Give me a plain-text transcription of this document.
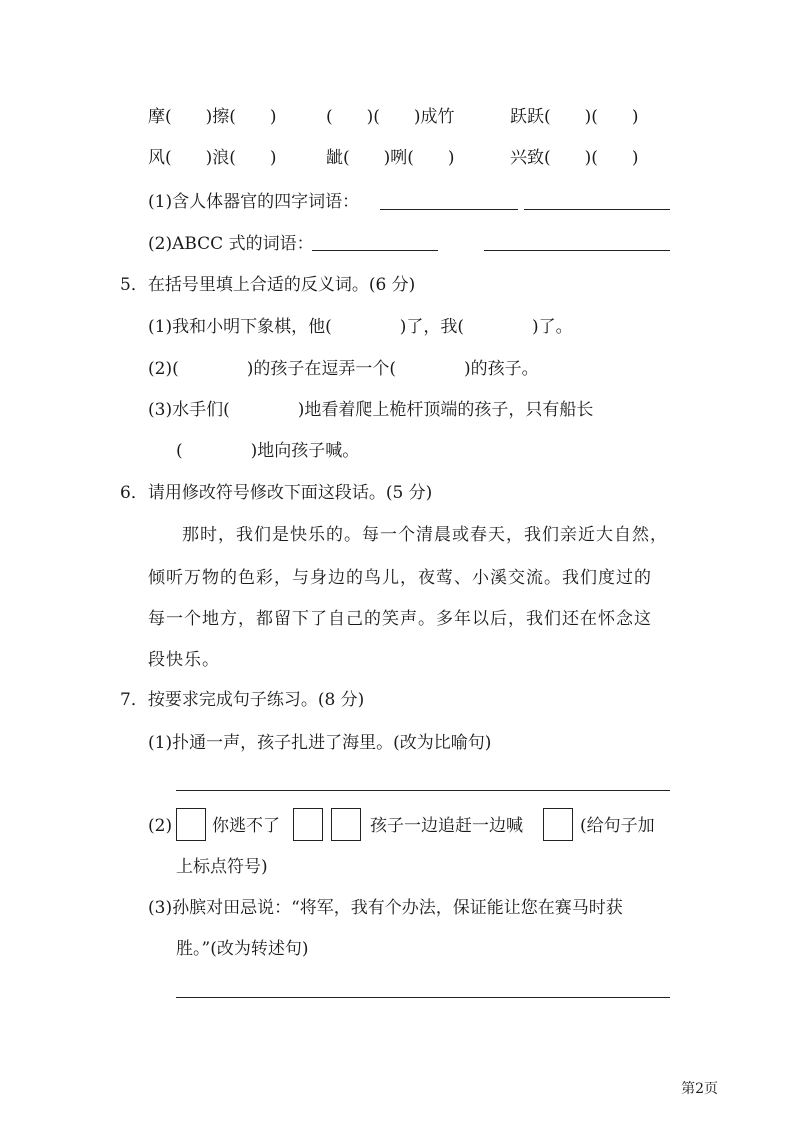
摩(　　)擦(　　)	(　　)(　　)成竹	跃跃(　　)(　　)
风(　　)浪(　　)	龇(　　)咧(　　)	兴致(　　)(　　)
(1)含人体器官的四字词语：
(2)ABCC 式的词语：
5．在括号里填上合适的反义词。(6 分)
(1)我和小明下象棋，他(　　　　)了，我(　　　　)了。
(2)(　　　　)的孩子在逗弄一个(　　　　)的孩子。
(3)水手们(　　　　)地看着爬上桅杆顶端的孩子，只有船长
(　　　　)地向孩子喊。
6．请用修改符号修改下面这段话。(5 分)
那时，我们是快乐的。每一个清晨或春天，我们亲近大自然，
倾听万物的色彩，与身边的鸟儿，夜莺、小溪交流。我们度过的
每一个地方，都留下了自己的笑声。多年以后，我们还在怀念这
段快乐。
7．按要求完成句子练习。(8 分)
(1)扑通一声，孩子扎进了海里。(改为比喻句)
(2) 你逃不了	孩子一边追赶一边喊	(给句子加
上标点符号)
(3)孙膑对田忌说：“将军，我有个办法，保证能让您在赛马时获
胜。”(改为转述句)
第2页
